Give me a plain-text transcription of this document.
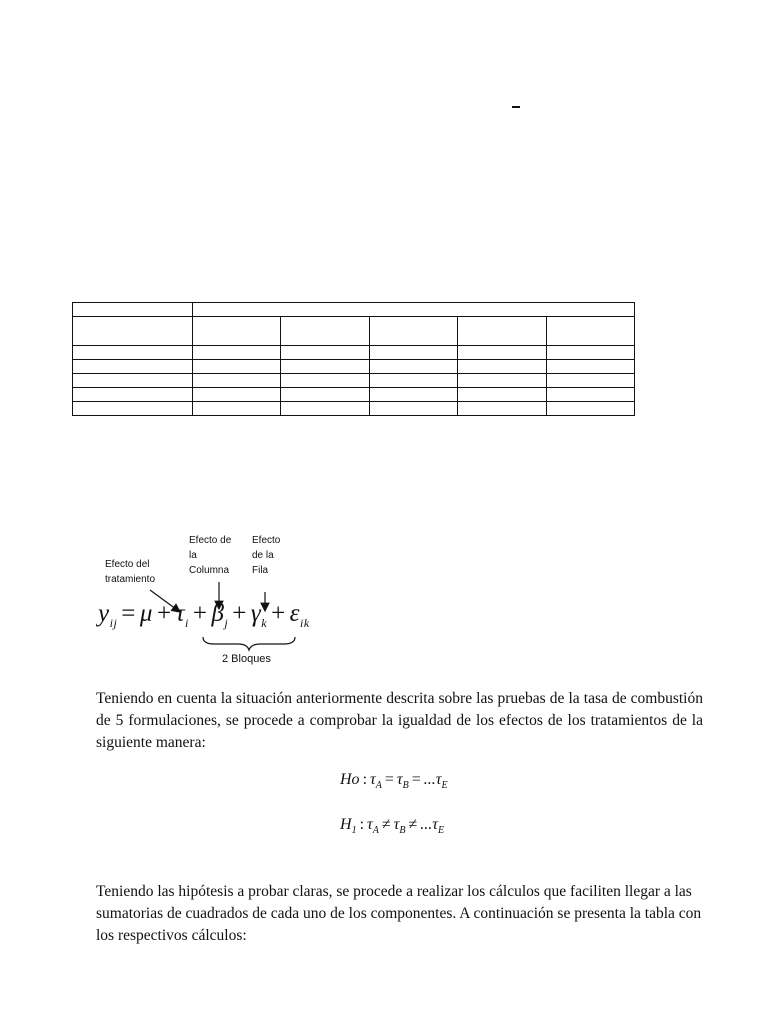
Efecto del
tratamiento
Efecto de
la
Columna
Efecto
de la
Fila
2 Bloques
$y_{ij} = \mu + \tau_i + \beta_j + \gamma_k + \varepsilon_{ik}$

Teniendo en cuenta la situación anteriormente descrita sobre las pruebas de la tasa de combustión de 5 formulaciones, se procede a comprobar la igualdad de los efectos de los tratamientos de la siguiente manera:

Ho : $\tau_A = \tau_B = ...\tau_E$
$H_1$ : $\tau_A \ne \tau_B \ne ...\tau_E$

Teniendo las hipótesis a probar claras, se procede a realizar los cálculos que faciliten llegar a las sumatorias de cuadrados de cada uno de los componentes. A continuación se presenta la tabla con los respectivos cálculos:
